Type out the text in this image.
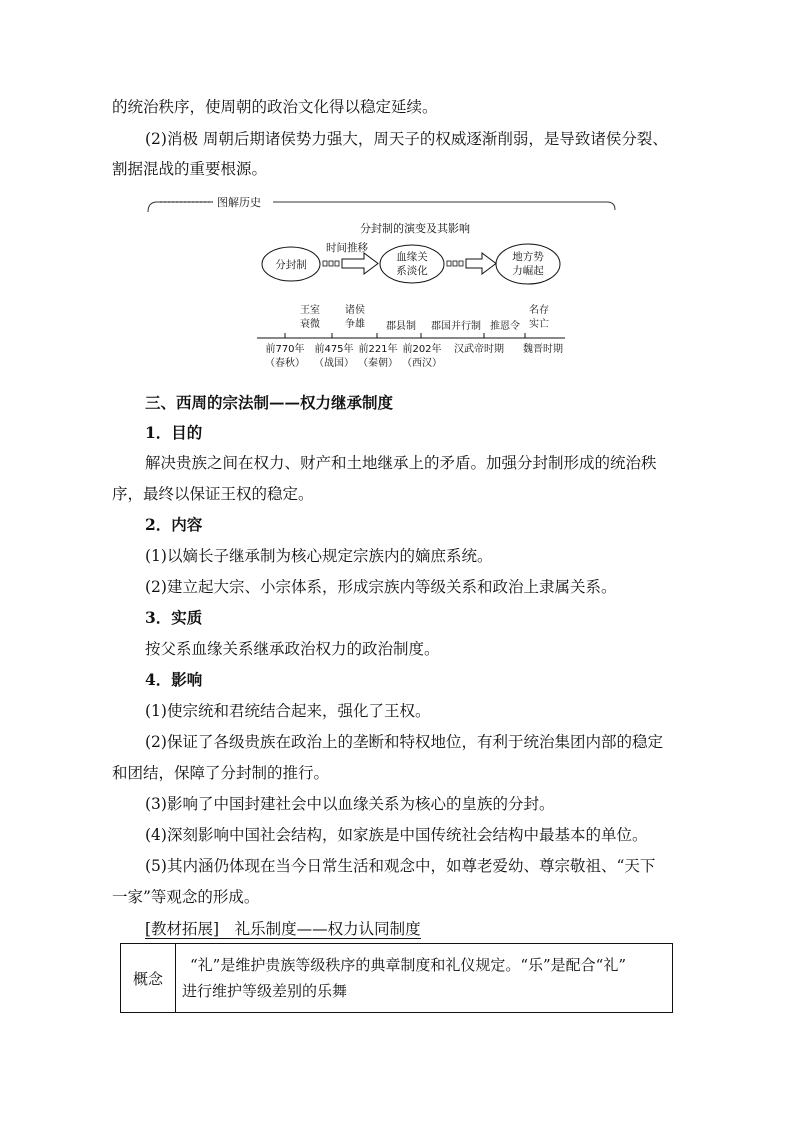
的统治秩序，使周朝的政治文化得以稳定延续。

(2)消极 周朝后期诸侯势力强大，周天子的权威逐渐削弱，是导致诸侯分裂、

割据混战的重要根源。

图解历史
分封制的演变及其影响
分封制
时间推移
血缘关
系淡化
地方势
力崛起
王室
衰微
诸侯
争雄 郡县制 郡国并行制 推恩令
名存
实亡
前770年
（春秋）
前475年
（战国）
前221年
（秦朝）
前202年
（西汉）
汉武帝时期 魏晋时期

三、西周的宗法制——权力继承制度

1．目的

解决贵族之间在权力、财产和土地继承上的矛盾。加强分封制形成的统治秩

序，最终以保证王权的稳定。

2．内容

(1)以嫡长子继承制为核心规定宗族内的嫡庶系统。

(2)建立起大宗、小宗体系，形成宗族内等级关系和政治上隶属关系。

3．实质

按父系血缘关系继承政治权力的政治制度。

4．影响

(1)使宗统和君统结合起来，强化了王权。

(2)保证了各级贵族在政治上的垄断和特权地位，有利于统治集团内部的稳定

和团结，保障了分封制的推行。

(3)影响了中国封建社会中以血缘关系为核心的皇族的分封。

(4)深刻影响中国社会结构，如家族是中国传统社会结构中最基本的单位。

(5)其内涵仍体现在当今日常生活和观念中，如尊老爱幼、尊宗敬祖、“天下

一家”等观念的形成。

[教材拓展]　礼乐制度——权力认同制度
概念	
“礼”是维护贵族等级秩序的典章制度和礼仪规定。“乐”是配合“礼”
进行维护等级差别的乐舞
